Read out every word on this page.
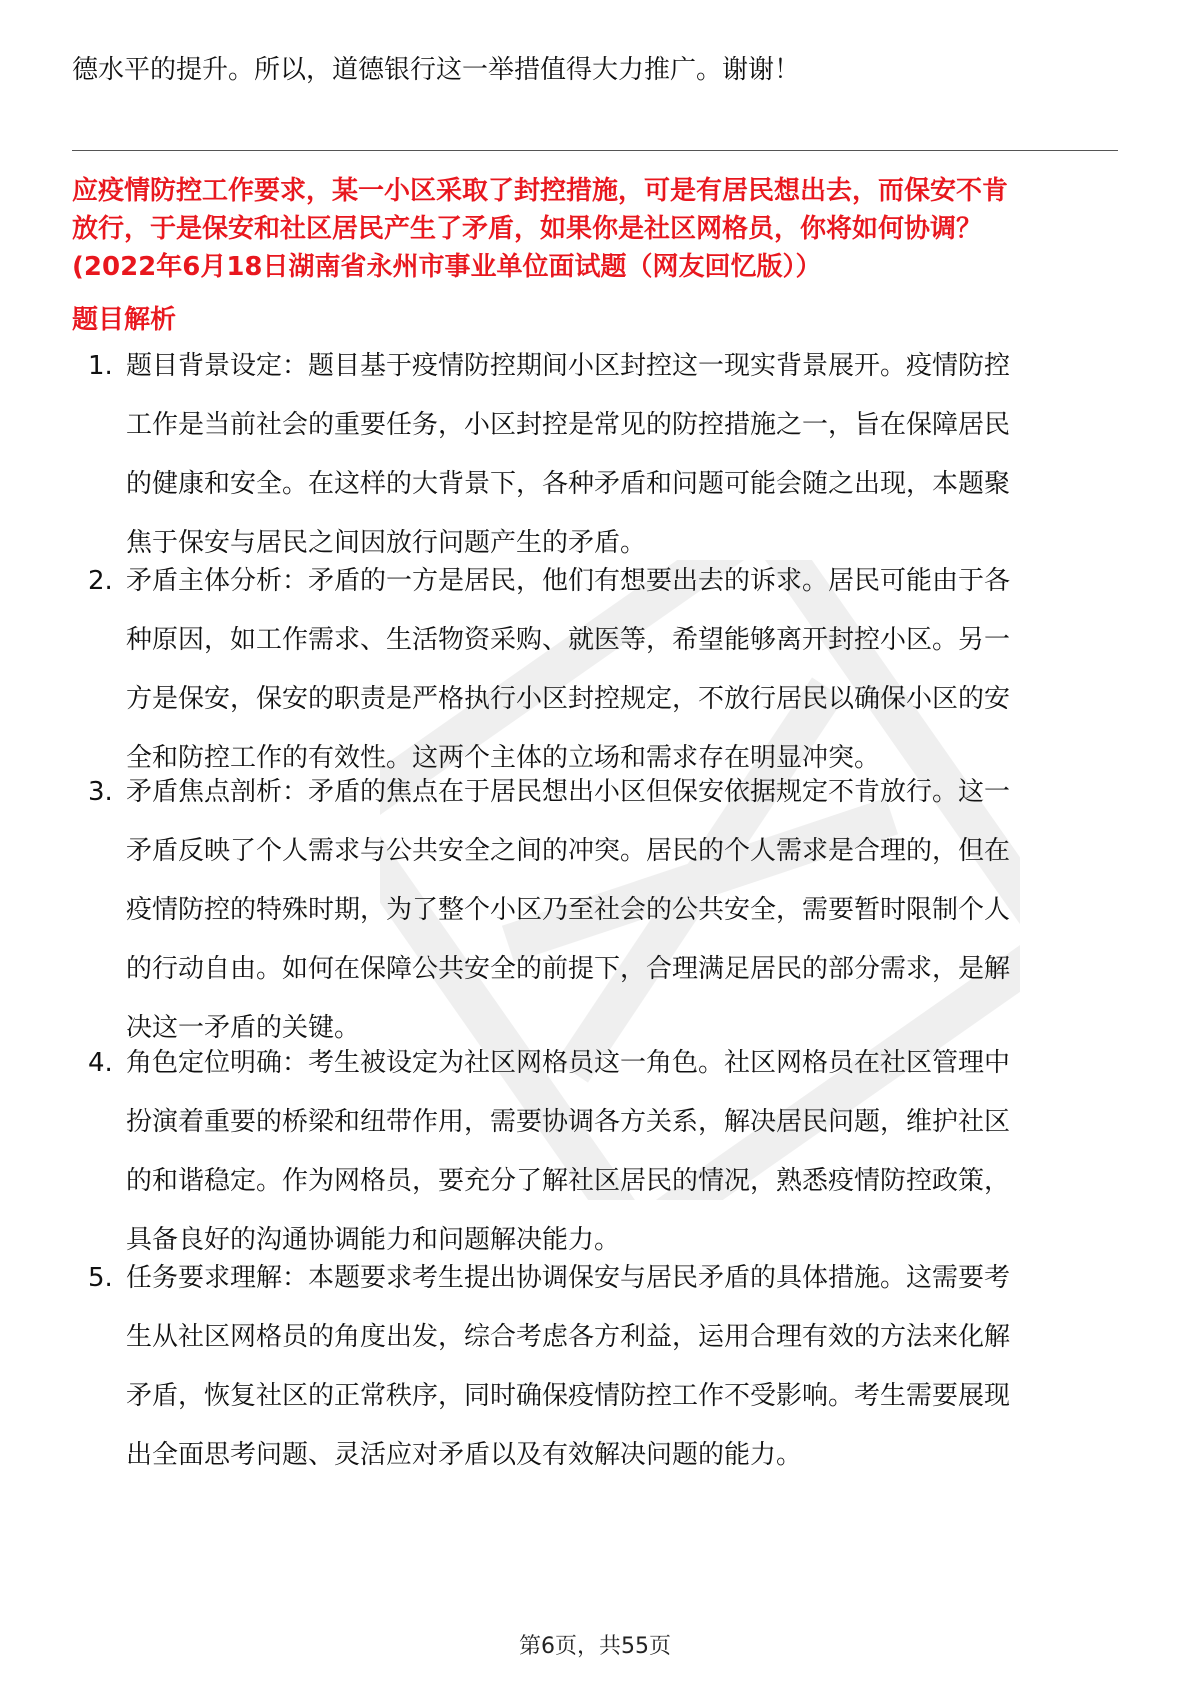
德水平的提升。所以，道德银行这一举措值得大力推广。谢谢！
应疫情防控工作要求，某一小区采取了封控措施，可是有居民想出去，而保安不肯
放行，于是保安和社区居民产生了矛盾，如果你是社区网格员，你将如何协调？
(2022年6月18日湖南省永州市事业单位面试题（网友回忆版））
题目解析
1. 题目背景设定：题目基于疫情防控期间小区封控这一现实背景展开。疫情防控
工作是当前社会的重要任务，小区封控是常见的防控措施之一，旨在保障居民
的健康和安全。在这样的大背景下，各种矛盾和问题可能会随之出现，本题聚
焦于保安与居民之间因放行问题产生的矛盾。
2. 矛盾主体分析：矛盾的一方是居民，他们有想要出去的诉求。居民可能由于各
种原因，如工作需求、生活物资采购、就医等，希望能够离开封控小区。另一
方是保安，保安的职责是严格执行小区封控规定，不放行居民以确保小区的安
全和防控工作的有效性。这两个主体的立场和需求存在明显冲突。
3. 矛盾焦点剖析：矛盾的焦点在于居民想出小区但保安依据规定不肯放行。这一
矛盾反映了个人需求与公共安全之间的冲突。居民的个人需求是合理的，但在
疫情防控的特殊时期，为了整个小区乃至社会的公共安全，需要暂时限制个人
的行动自由。如何在保障公共安全的前提下，合理满足居民的部分需求，是解
决这一矛盾的关键。
4. 角色定位明确：考生被设定为社区网格员这一角色。社区网格员在社区管理中
扮演着重要的桥梁和纽带作用，需要协调各方关系，解决居民问题，维护社区
的和谐稳定。作为网格员，要充分了解社区居民的情况，熟悉疫情防控政策，
具备良好的沟通协调能力和问题解决能力。
5. 任务要求理解：本题要求考生提出协调保安与居民矛盾的具体措施。这需要考
生从社区网格员的角度出发，综合考虑各方利益，运用合理有效的方法来化解
矛盾，恢复社区的正常秩序，同时确保疫情防控工作不受影响。考生需要展现
出全面思考问题、灵活应对矛盾以及有效解决问题的能力。
第6页，共55页
